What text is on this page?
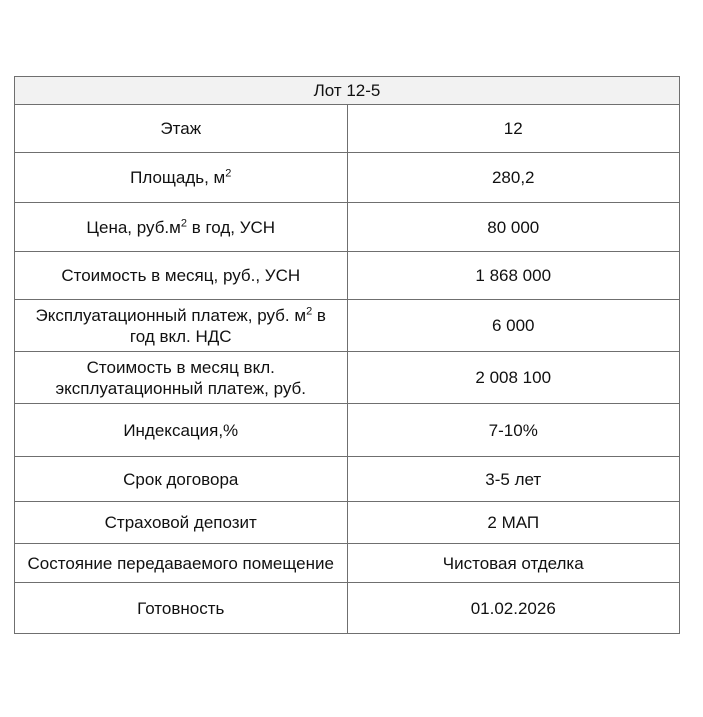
Лот 12-5	
Этаж	12
Площадь, $м^2$	280,2
Цена, $руб.м^2$ в год, УСН	80 000
Стоимость в месяц, руб., УСН	1 868 000
Эксплуатационный платеж, руб. $м^2$ в год вкл. НДС	6 000
Стоимость в месяц вкл. эксплуатационный платеж, руб.	2 008 100
Индексация,%	7-10%
Срок договора	3-5 лет
Страховой депозит	2 МАП
Состояние передаваемого помещение	Чистовая отделка
Готовность	01.02.2026
